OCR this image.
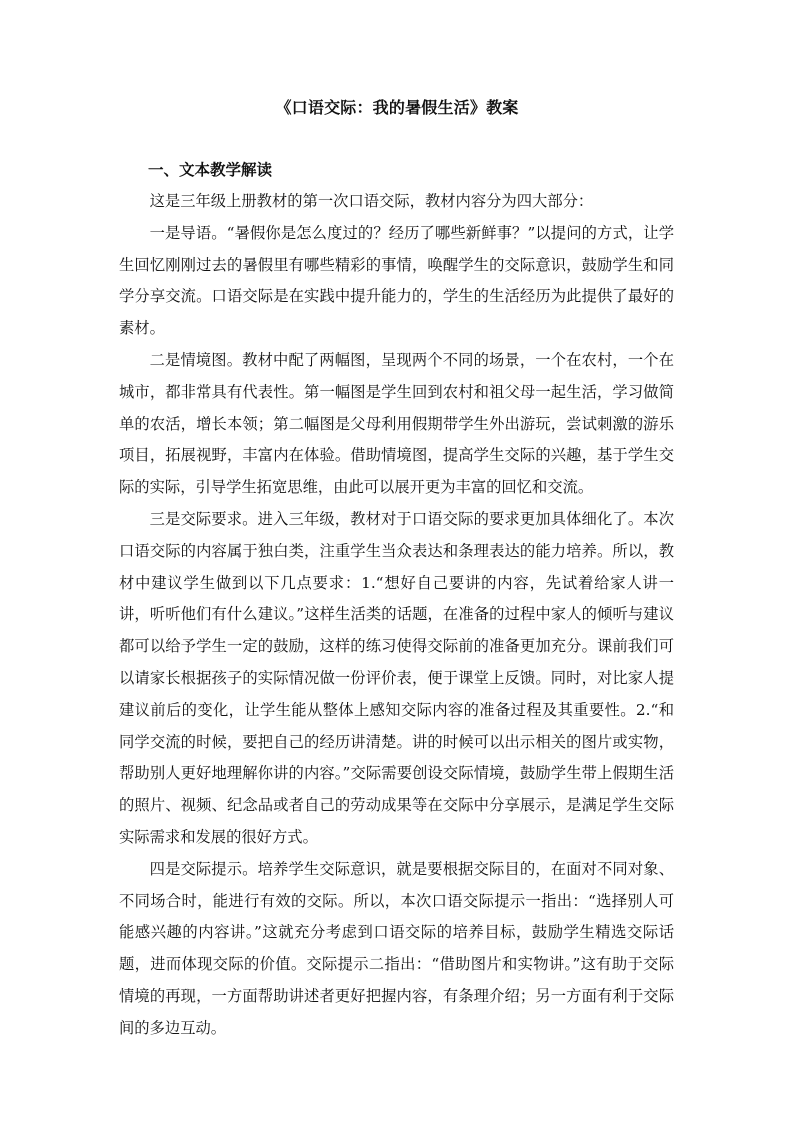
《口语交际：我的暑假生活》教案
一、文本教学解读

这是三年级上册教材的第一次口语交际，教材内容分为四大部分：

一是导语。“暑假你是怎么度过的？经历了哪些新鲜事？”以提问的方式，让学生回忆刚刚过去的暑假里有哪些精彩的事情，唤醒学生的交际意识，鼓励学生和同学分享交流。口语交际是在实践中提升能力的，学生的生活经历为此提供了最好的素材。

二是情境图。教材中配了两幅图，呈现两个不同的场景，一个在农村，一个在城市，都非常具有代表性。第一幅图是学生回到农村和祖父母一起生活，学习做简单的农活，增长本领；第二幅图是父母利用假期带学生外出游玩，尝试刺激的游乐项目，拓展视野，丰富内在体验。借助情境图，提高学生交际的兴趣，基于学生交际的实际，引导学生拓宽思维，由此可以展开更为丰富的回忆和交流。

三是交际要求。进入三年级，教材对于口语交际的要求更加具体细化了。本次口语交际的内容属于独白类，注重学生当众表达和条理表达的能力培养。所以，教材中建议学生做到以下几点要求：1.“想好自己要讲的内容，先试着给家人讲一讲，听听他们有什么建议。”这样生活类的话题，在准备的过程中家人的倾听与建议都可以给予学生一定的鼓励，这样的练习使得交际前的准备更加充分。课前我们可以请家长根据孩子的实际情况做一份评价表，便于课堂上反馈。同时，对比家人提建议前后的变化，让学生能从整体上感知交际内容的准备过程及其重要性。2.“和同学交流的时候，要把自己的经历讲清楚。讲的时候可以出示相关的图片或实物，帮助别人更好地理解你讲的内容。”交际需要创设交际情境，鼓励学生带上假期生活的照片、视频、纪念品或者自己的劳动成果等在交际中分享展示，是满足学生交际实际需求和发展的很好方式。

四是交际提示。培养学生交际意识，就是要根据交际目的，在面对不同对象、不同场合时，能进行有效的交际。所以，本次口语交际提示一指出：“选择别人可能感兴趣的内容讲。”这就充分考虑到口语交际的培养目标，鼓励学生精选交际话题，进而体现交际的价值。交际提示二指出：“借助图片和实物讲。”这有助于交际情境的再现，一方面帮助讲述者更好把握内容，有条理介绍；另一方面有利于交际间的多边互动。
